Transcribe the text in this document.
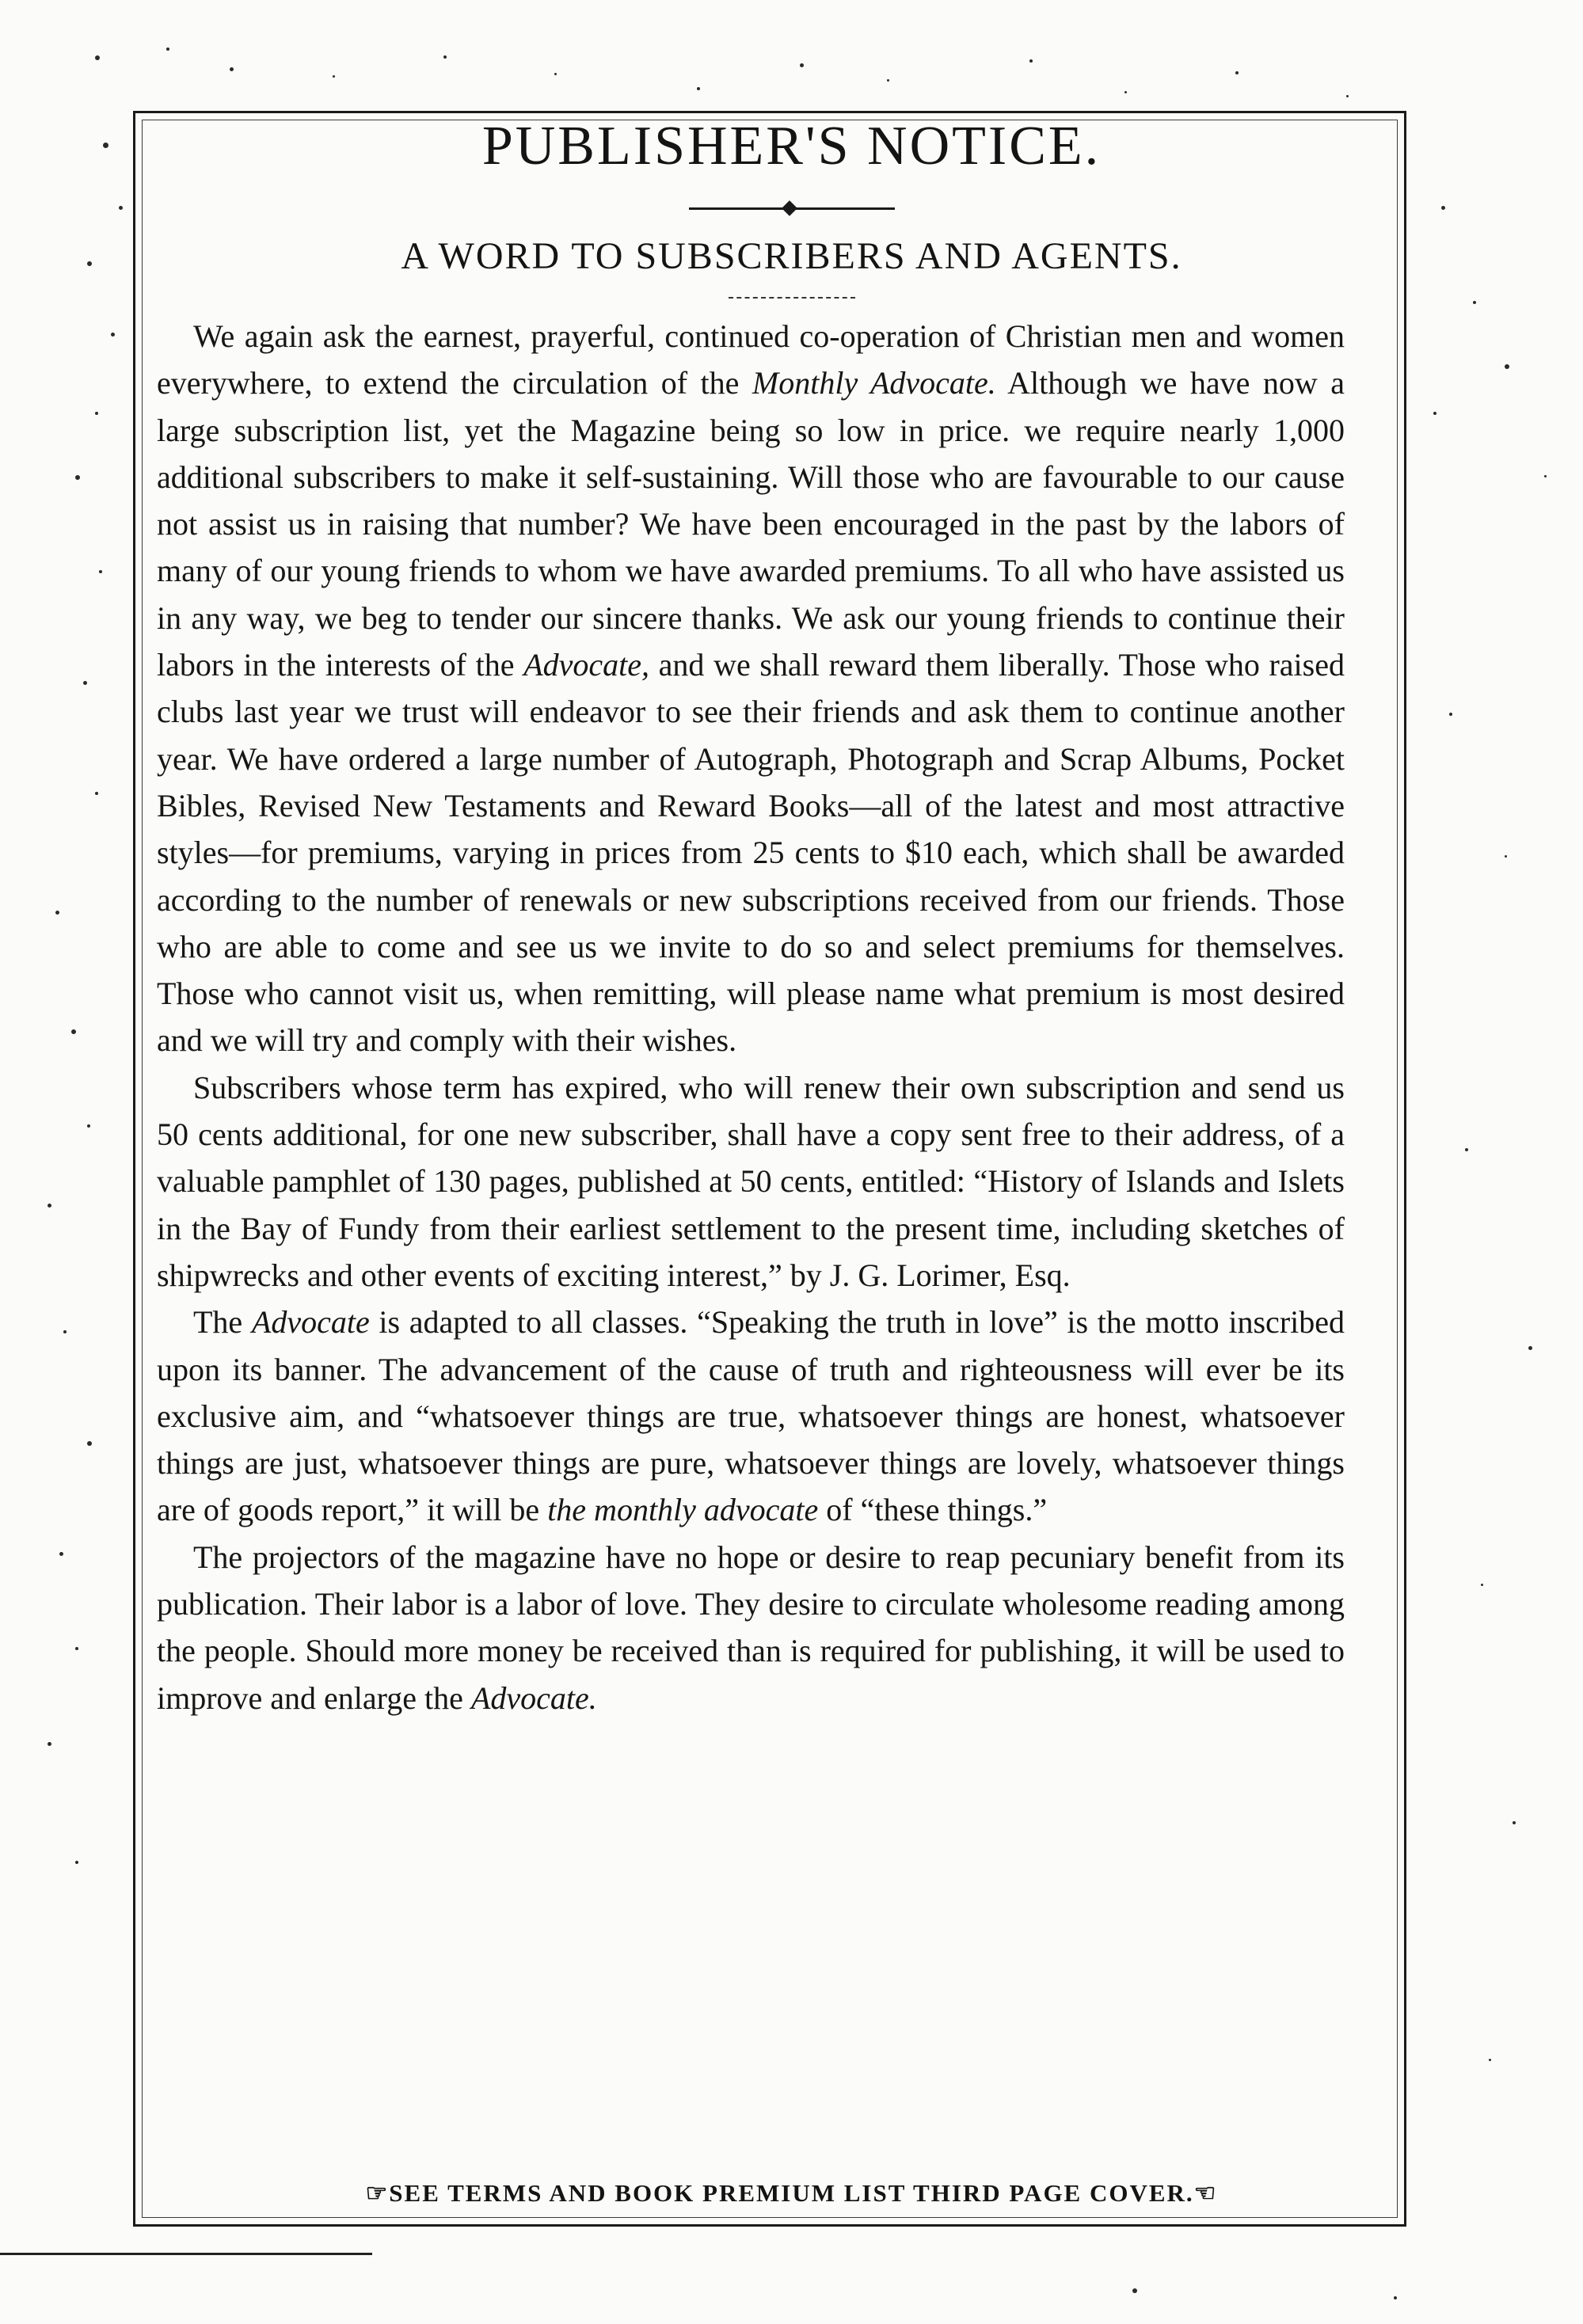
PUBLISHER'S NOTICE.
A WORD TO SUBSCRIBERS AND AGENTS.

We again ask the earnest, prayerful, continued co-operation of Christian men and women everywhere, to extend the circulation of the Monthly Advocate. Although we have now a large subscription list, yet the Magazine being so low in price. we require nearly 1,000 additional subscribers to make it self-sustaining. Will those who are favourable to our cause not assist us in raising that number? We have been encouraged in the past by the labors of many of our young friends to whom we have awarded premiums. To all who have assisted us in any way, we beg to tender our sincere thanks. We ask our young friends to continue their labors in the interests of the Advocate, and we shall reward them liberally. Those who raised clubs last year we trust will endeavor to see their friends and ask them to continue another year. We have ordered a large number of Autograph, Photograph and Scrap Albums, Pocket Bibles, Revised New Testaments and Reward Books—all of the latest and most attractive styles—for premiums, varying in prices from 25 cents to $10 each, which shall be awarded according to the number of renewals or new subscriptions received from our friends. Those who are able to come and see us we invite to do so and select premiums for themselves. Those who cannot visit us, when remitting, will please name what premium is most desired and we will try and comply with their wishes.

Subscribers whose term has expired, who will renew their own subscription and send us 50 cents additional, for one new subscriber, shall have a copy sent free to their address, of a valuable pamphlet of 130 pages, published at 50 cents, entitled: “History of Islands and Islets in the Bay of Fundy from their earliest settlement to the present time, including sketches of shipwrecks and other events of exciting interest,” by J. G. Lorimer, Esq.

The Advocate is adapted to all classes. “Speaking the truth in love” is the motto inscribed upon its banner. The advancement of the cause of truth and righteousness will ever be its exclusive aim, and “whatsoever things are true, whatsoever things are honest, whatsoever things are just, whatsoever things are pure, whatsoever things are lovely, whatsoever things are of goods report,” it will be the monthly advocate of “these things.”

The projectors of the magazine have no hope or desire to reap pecuniary benefit from its publication. Their labor is a labor of love. They desire to circulate wholesome reading among the people. Should more money be received than is required for publishing, it will be used to improve and enlarge the Advocate.

☞SEE TERMS AND BOOK PREMIUM LIST THIRD PAGE COVER.☜
